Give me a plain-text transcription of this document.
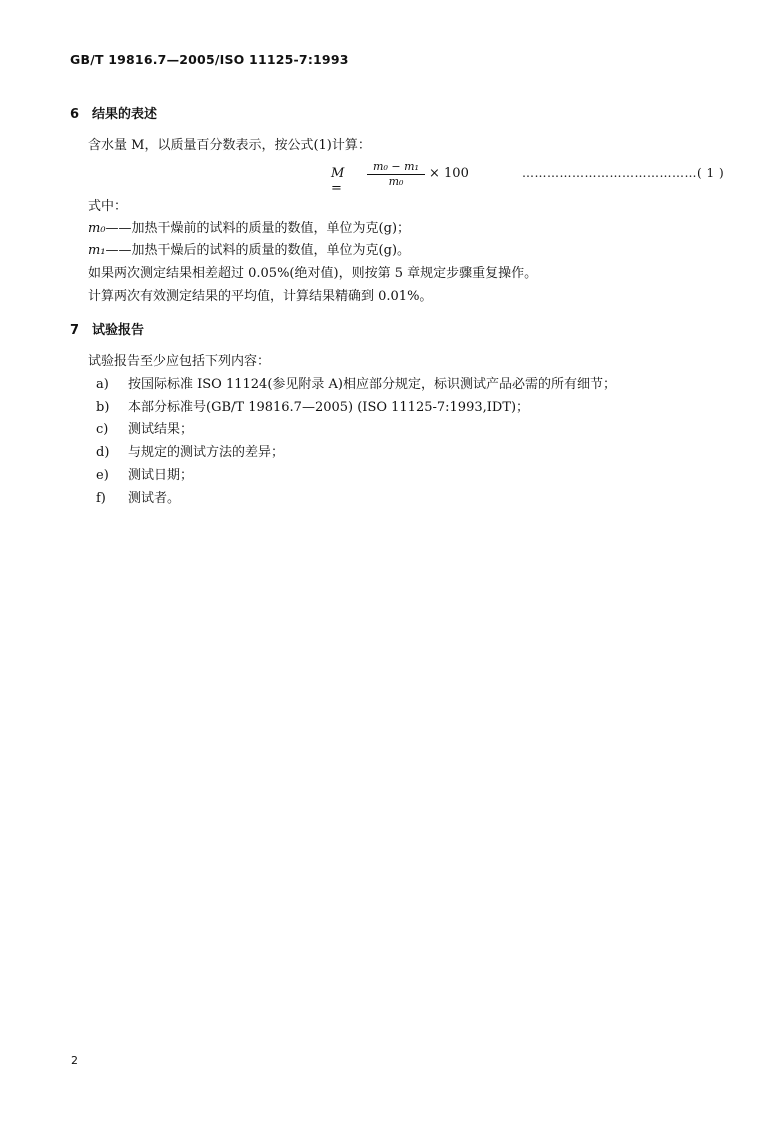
GB/T 19816.7—2005/ISO 11125-7:1993
6 结果的表述
含水量 M，以质量百分数表示，按公式(1)计算：
M =
$\frac{\text{m₀ − m₁}}{\text{m₀}} \times 100$	……………………………………( 1 )
式中：
m₀——加热干燥前的试料的质量的数值，单位为克(g)；
m₁——加热干燥后的试料的质量的数值，单位为克(g)。
如果两次测定结果相差超过 0.05%(绝对值)，则按第 5 章规定步骤重复操作。
计算两次有效测定结果的平均值，计算结果精确到 0.01%。
7 试验报告
试验报告至少应包括下列内容：
a) 按国际标准 ISO 11124(参见附录 A)相应部分规定，标识测试产品必需的所有细节；
b) 本部分标准号(GB/T 19816.7—2005) (ISO 11125-7:1993,IDT)；
c) 测试结果；
d) 与规定的测试方法的差异；
e) 测试日期；
f) 测试者。
2
